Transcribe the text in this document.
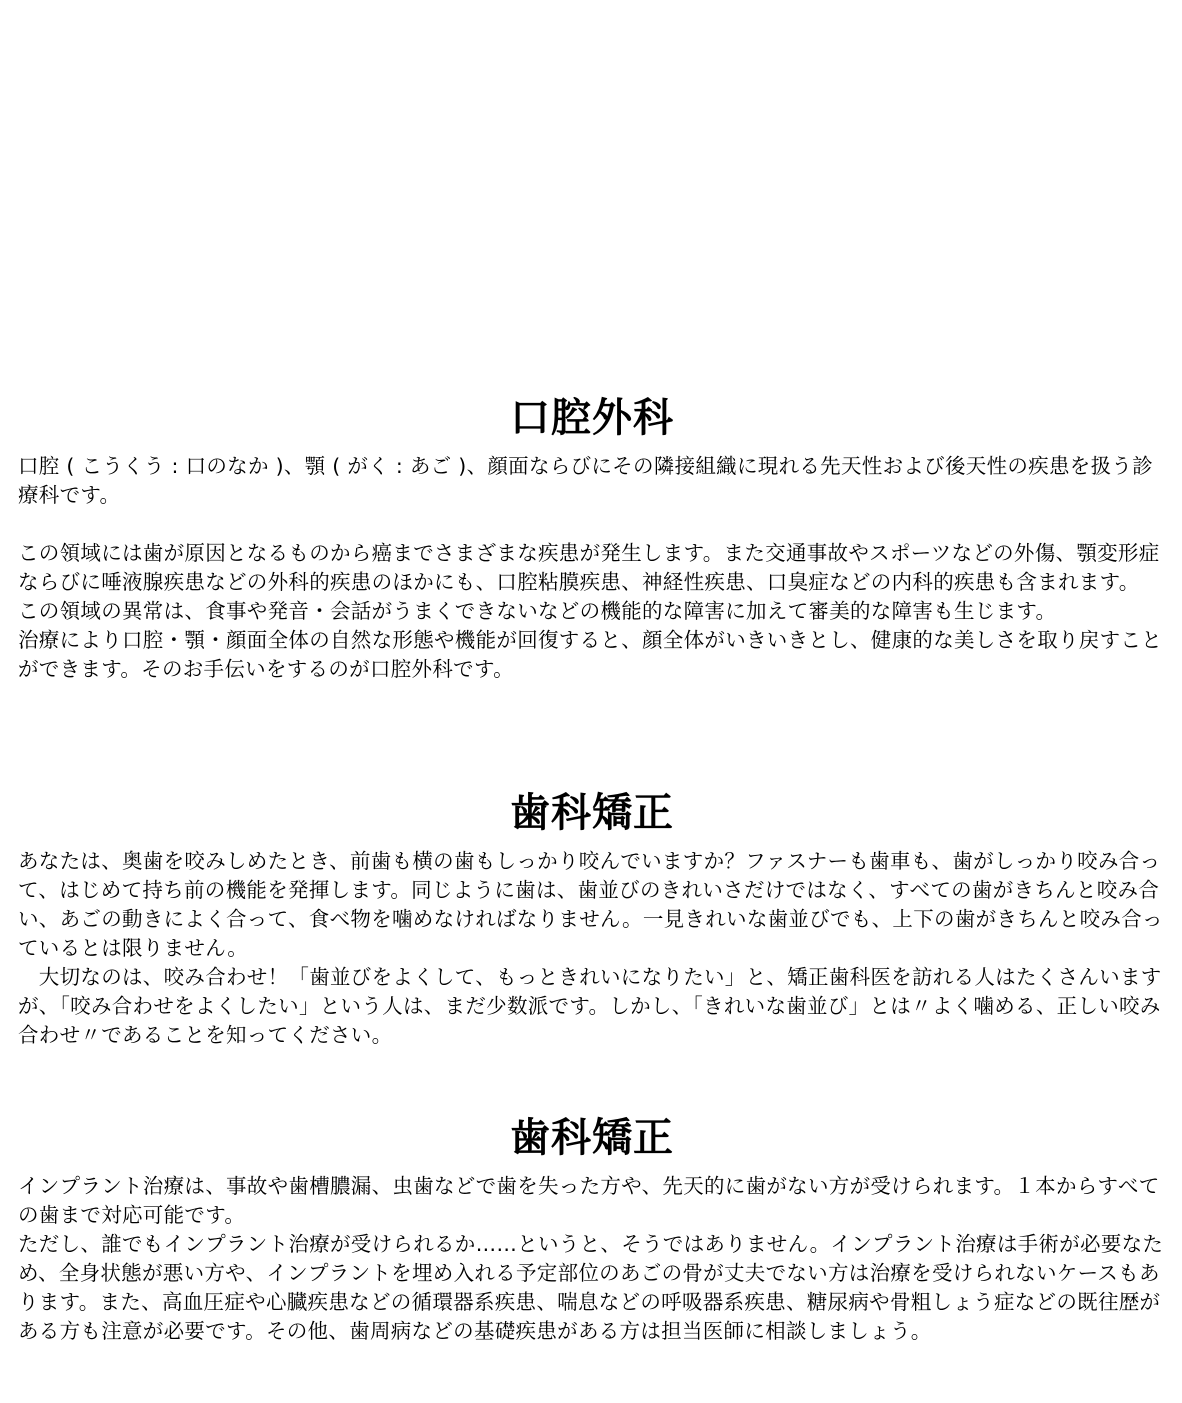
口腔外科

口腔 ( こうくう : 口のなか )、顎 ( がく : あご )、顔面ならびにその隣接組織に現れる先天性および後天性の疾患を扱う診療科です。

この領域には歯が原因となるものから癌までさまざまな疾患が発生します。また交通事故やスポーツなどの外傷、顎変形症ならびに唾液腺疾患などの外科的疾患のほかにも、口腔粘膜疾患、神経性疾患、口臭症などの内科的疾患も含まれます。

この領域の異常は、食事や発音・会話がうまくできないなどの機能的な障害に加えて審美的な障害も生じます。

治療により口腔・顎・顔面全体の自然な形態や機能が回復すると、顔全体がいきいきとし、健康的な美しさを取り戻すことができます。そのお手伝いをするのが口腔外科です。

歯科矯正

あなたは、奥歯を咬みしめたとき、前歯も横の歯もしっかり咬んでいますか？ファスナーも歯車も、歯がしっかり咬み合って、はじめて持ち前の機能を発揮します。同じように歯は、歯並びのきれいさだけではなく、すべての歯がきちんと咬み合い、あごの動きによく合って、食べ物を噛めなければなりません。一見きれいな歯並びでも、上下の歯がきちんと咬み合っているとは限りません。

　大切なのは、咬み合わせ！「歯並びをよくして、もっときれいになりたい」と、矯正歯科医を訪れる人はたくさんいますが、「咬み合わせをよくしたい」という人は、まだ少数派です。しかし、「きれいな歯並び」とは〃よく噛める、正しい咬み合わせ〃であることを知ってください。

歯科矯正

インプラント治療は、事故や歯槽膿漏、虫歯などで歯を失った方や、先天的に歯がない方が受けられます。１本からすべての歯まで対応可能です。

ただし、誰でもインプラント治療が受けられるか……というと、そうではありません。インプラント治療は手術が必要なため、全身状態が悪い方や、インプラントを埋め入れる予定部位のあごの骨が丈夫でない方は治療を受けられないケースもあります。また、高血圧症や心臓疾患などの循環器系疾患、喘息などの呼吸器系疾患、糖尿病や骨粗しょう症などの既往歴がある方も注意が必要です。その他、歯周病などの基礎疾患がある方は担当医師に相談しましょう。
